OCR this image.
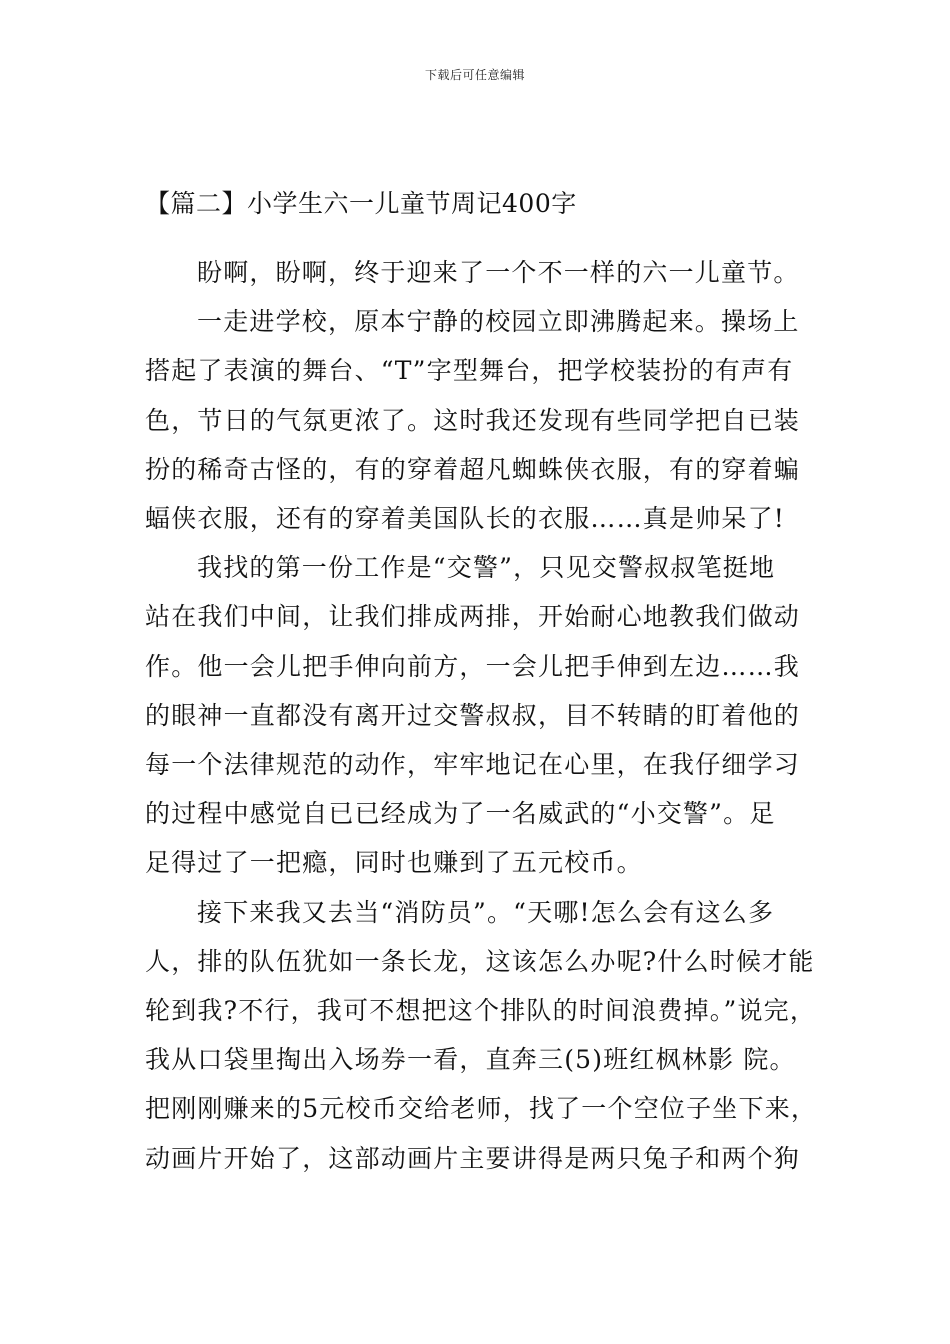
下载后可任意编辑
【篇二】小学生六一儿童节周记400字
盼啊，盼啊，终于迎来了一个不一样的六一儿童节。
一走进学校，原本宁静的校园立即沸腾起来。操场上
搭起了表演的舞台、“T”字型舞台，把学校装扮的有声有
色，节日的气氛更浓了。这时我还发现有些同学把自已装
扮的稀奇古怪的，有的穿着超凡蜘蛛侠衣服，有的穿着蝙
蝠侠衣服，还有的穿着美国队长的衣服……真是帅呆了!
我找的第一份工作是“交警”，只见交警叔叔笔挺地
站在我们中间，让我们排成两排，开始耐心地教我们做动
作。他一会儿把手伸向前方，一会儿把手伸到左边……我
的眼神一直都没有离开过交警叔叔，目不转睛的盯着他的
每一个法律规范的动作，牢牢地记在心里，在我仔细学习
的过程中感觉自已已经成为了一名威武的“小交警”。足
足得过了一把瘾，同时也赚到了五元校币。
接下来我又去当“消防员”。“天哪!怎么会有这么多
人，排的队伍犹如一条长龙，这该怎么办呢?什么时候才能
轮到我?不行，我可不想把这个排队的时间浪费掉。”说完，
我从口袋里掏出入场券一看，直奔三(5)班红枫林影 院。
把刚刚赚来的5元校币交给老师，找了一个空位子坐下来，
动画片开始了，这部动画片主要讲得是两只兔子和两个狗
